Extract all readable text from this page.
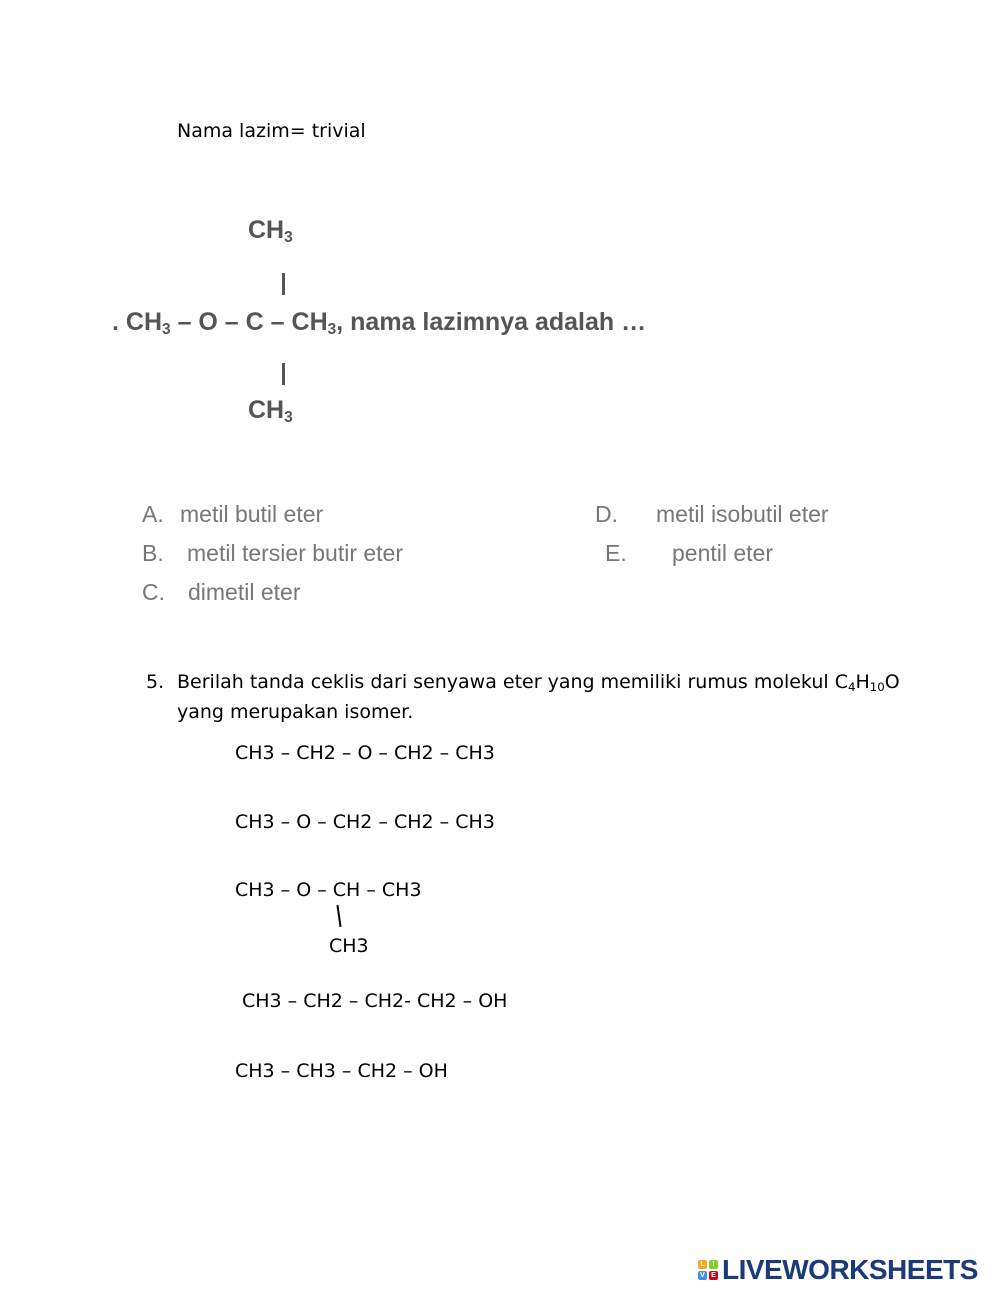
Nama lazim= trivial
$CH_3$
. $CH_3$ – O – C – $CH_3$, nama lazimnya adalah …
$CH_3$
A. metil butil eter
B. metil tersier butir eter
C. dimetil eter
D. metil isobutil eter
E. pentil eter
5. Berilah tanda ceklis dari senyawa eter yang memiliki rumus molekul $C_4H_{10}O$
yang merupakan isomer.
CH3 – CH2 – O – CH2 – CH3
CH3 – O – CH2 – CH2 – CH3
CH3 – O – CH – CH3
CH3
CH3 – CH2 – CH2- CH2 – OH
CH3 – CH3 – CH2 – OH
L	I
V E LIVEWORKSHEETS
